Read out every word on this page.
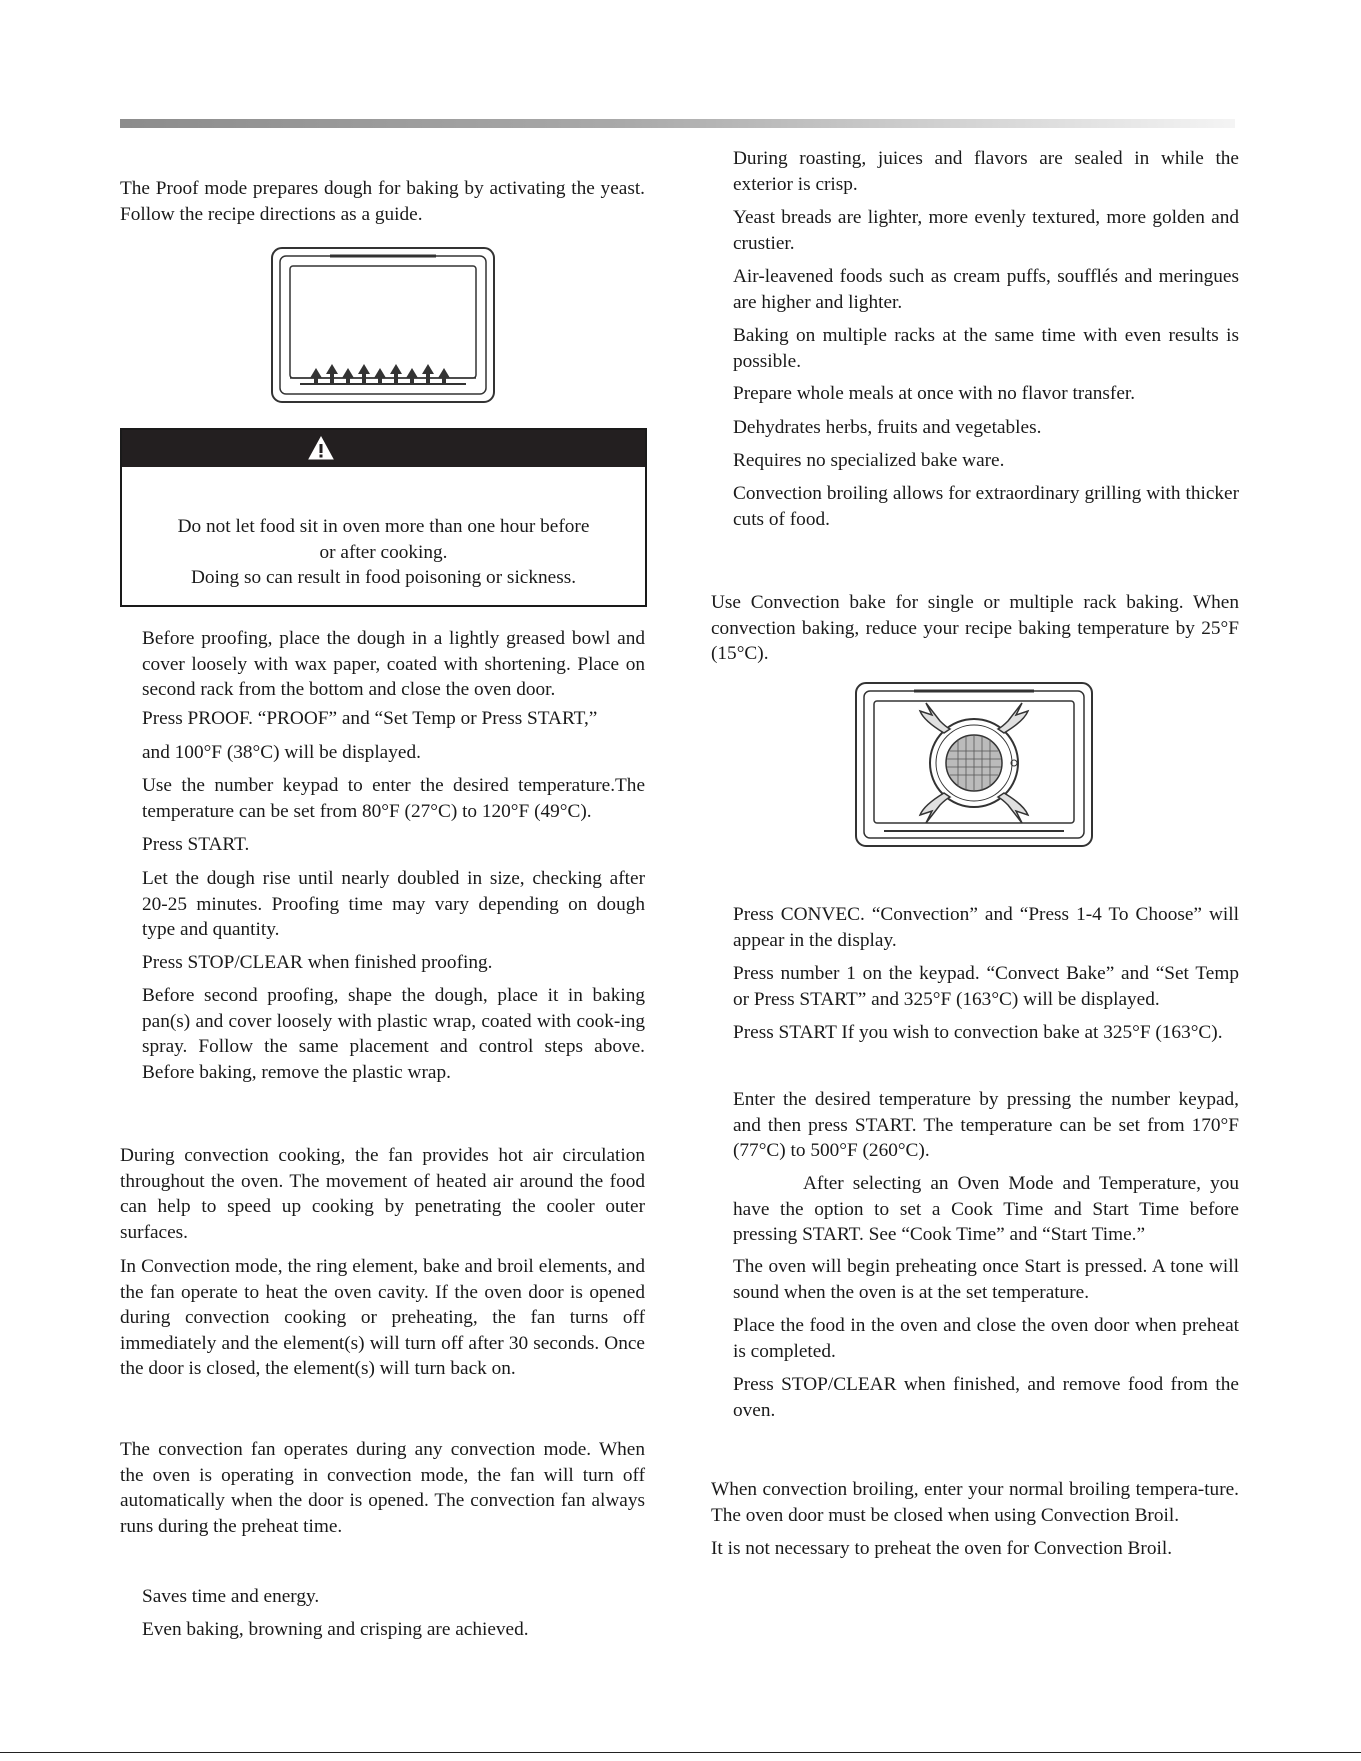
The Proof mode prepares dough for baking by activating the yeast. Follow the recipe directions as a guide.

Before proofing, place the dough in a lightly greased bowl and cover loosely with wax paper, coated with shortening. Place on second rack from the bottom and close the oven door.

Press PROOF. “PROOF” and “Set Temp or Press START,”

and 100°F (38°C) will be displayed.

Use the number keypad to enter the desired temperature.The temperature can be set from 80°F (27°C) to 120°F (49°C).

Press START.

Let the dough rise until nearly doubled in size, checking after 20-25 minutes. Proofing time may vary depending on dough type and quantity.

Press STOP/CLEAR when finished proofing.

Before second proofing, shape the dough, place it in baking pan(s) and cover loosely with plastic wrap, coated with cook-ing spray. Follow the same placement and control steps above. Before baking, remove the plastic wrap.

During convection cooking, the fan provides hot air circulation throughout the oven. The movement of heated air around the food can help to speed up cooking by penetrating the cooler outer surfaces.

In Convection mode, the ring element, bake and broil elements, and the fan operate to heat the oven cavity. If the oven door is opened during convection cooking or preheating, the fan turns off immediately and the element(s) will turn off after 30 seconds. Once the door is closed, the element(s) will turn back on.

The convection fan operates during any convection mode. When the oven is operating in convection mode, the fan will turn off automatically when the door is opened. The convection fan always runs during the preheat time.

Saves time and energy.

Even baking, browning and crisping are achieved.

Do not let food sit in oven more than one hour before
or after cooking.
Doing so can result in food poisoning or sickness.

During roasting, juices and flavors are sealed in while the exterior is crisp.

Yeast breads are lighter, more evenly textured, more golden and crustier.

Air-leavened foods such as cream puffs, soufflés and meringues are higher and lighter.

Baking on multiple racks at the same time with even results is possible.

Prepare whole meals at once with no flavor transfer.

Dehydrates herbs, fruits and vegetables.

Requires no specialized bake ware.

Convection broiling allows for extraordinary grilling with thicker cuts of food.

Use Convection bake for single or multiple rack baking. When convection baking, reduce your recipe baking temperature by 25°F (15°C).

Press CONVEC. “Convection” and “Press 1-4 To Choose” will appear in the display.

Press number 1 on the keypad. “Convect Bake” and “Set Temp or Press START” and 325°F (163°C) will be displayed.

Press START If you wish to convection bake at 325°F (163°C).

Enter the desired temperature by pressing the number keypad, and then press START. The temperature can be set from 170°F (77°C) to 500°F (260°C).

After selecting an Oven Mode and Temperature, you have the option to set a Cook Time and Start Time before pressing START. See “Cook Time” and “Start Time.”

The oven will begin preheating once Start is pressed. A tone will sound when the oven is at the set temperature.

Place the food in the oven and close the oven door when preheat is completed.

Press STOP/CLEAR when finished, and remove food from the oven.

When convection broiling, enter your normal broiling tempera-ture. The oven door must be closed when using Convection Broil.

It is not necessary to preheat the oven for Convection Broil.
